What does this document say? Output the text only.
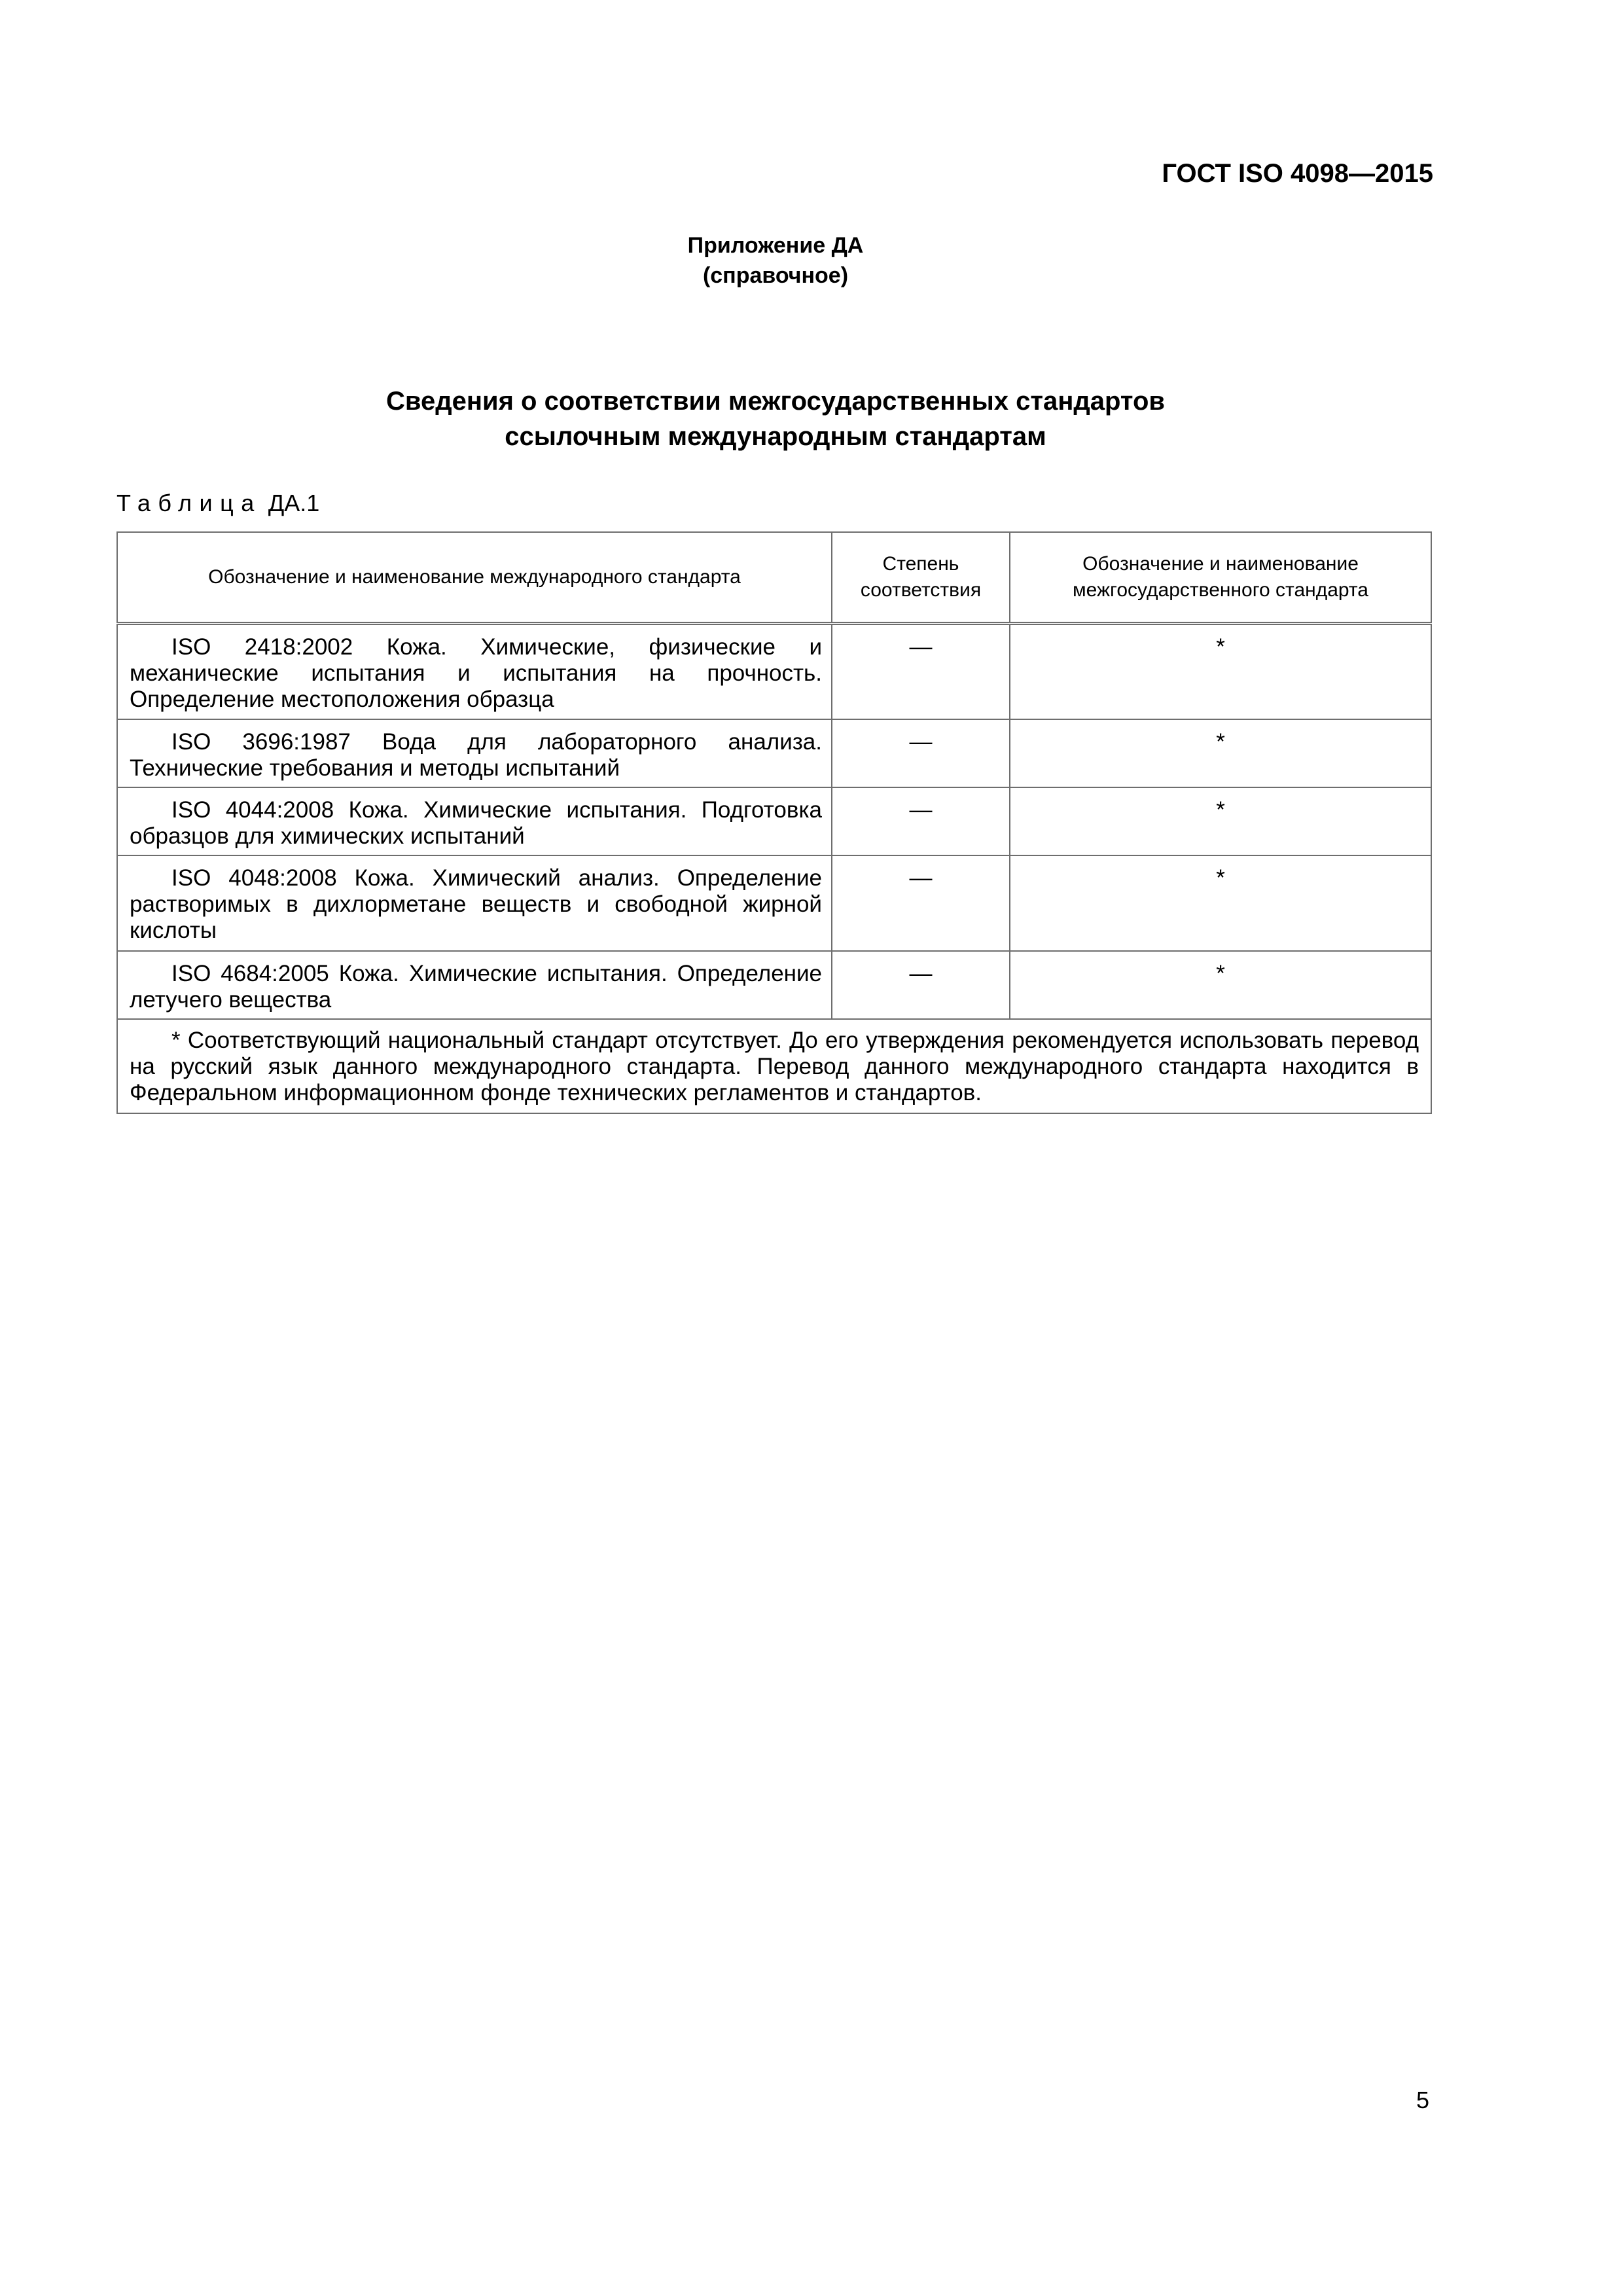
ГОСТ ISO 4098—2015
Приложение ДА
(справочное)
Сведения о соответствии межгосударственных стандартов
ссылочным международным стандартам
Таблица ДА.1
Обозначение и наименование международного стандарта	Степень соответствия	Обозначение и наименование межгосударственного стандарта
ISO 2418:2002 Кожа. Химические, физические и механические испытания и испытания на прочность. Определение местоположения образца	—	*
ISO 3696:1987 Вода для лабораторного анализа. Технические требования и методы испытаний	—	*
ISO 4044:2008 Кожа. Химические испытания. Подготовка образцов для химических испытаний	—	*
ISO 4048:2008 Кожа. Химический анализ. Определение растворимых в дихлорметане веществ и свободной жирной кислоты	—	*
ISO 4684:2005 Кожа. Химические испытания. Определение летучего вещества	—	*
* Соответствующий национальный стандарт отсутствует. До его утверждения рекомендуется использовать перевод на русский язык данного международного стандарта. Перевод данного международного стандарта находится в Федеральном информационном фонде технических регламентов и стандартов.		
5
